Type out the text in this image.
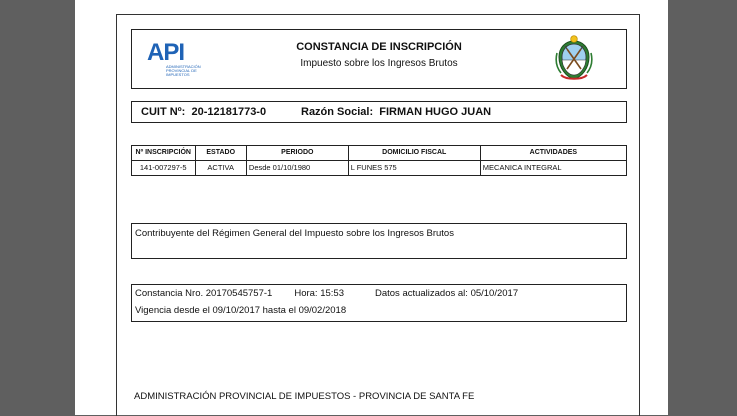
API
ADMINISTRACIÓN PROVINCIAL DE IMPUESTOS
CONSTANCIA DE INSCRIPCIÓN
Impuesto sobre los Ingresos Brutos
CUIT Nº: 20-12181773-0	Razón Social: FIRMAN HUGO JUAN
Nº INSCRIPCIÓN	ESTADO	PERIODO	DOMICILIO FISCAL	ACTIVIDADES
141-007297-5	ACTIVA	Desde 01/10/1980	L FUNES 575	MECANICA INTEGRAL
Contribuyente del Régimen General del Impuesto sobre los Ingresos Brutos
Constancia Nro. 20170545757-1 Hora: 15:53	Datos actualizados al: 05/10/2017
Vigencia desde el 09/10/2017 hasta el 09/02/2018
ADMINISTRACIÓN PROVINCIAL DE IMPUESTOS - PROVINCIA DE SANTA FE
